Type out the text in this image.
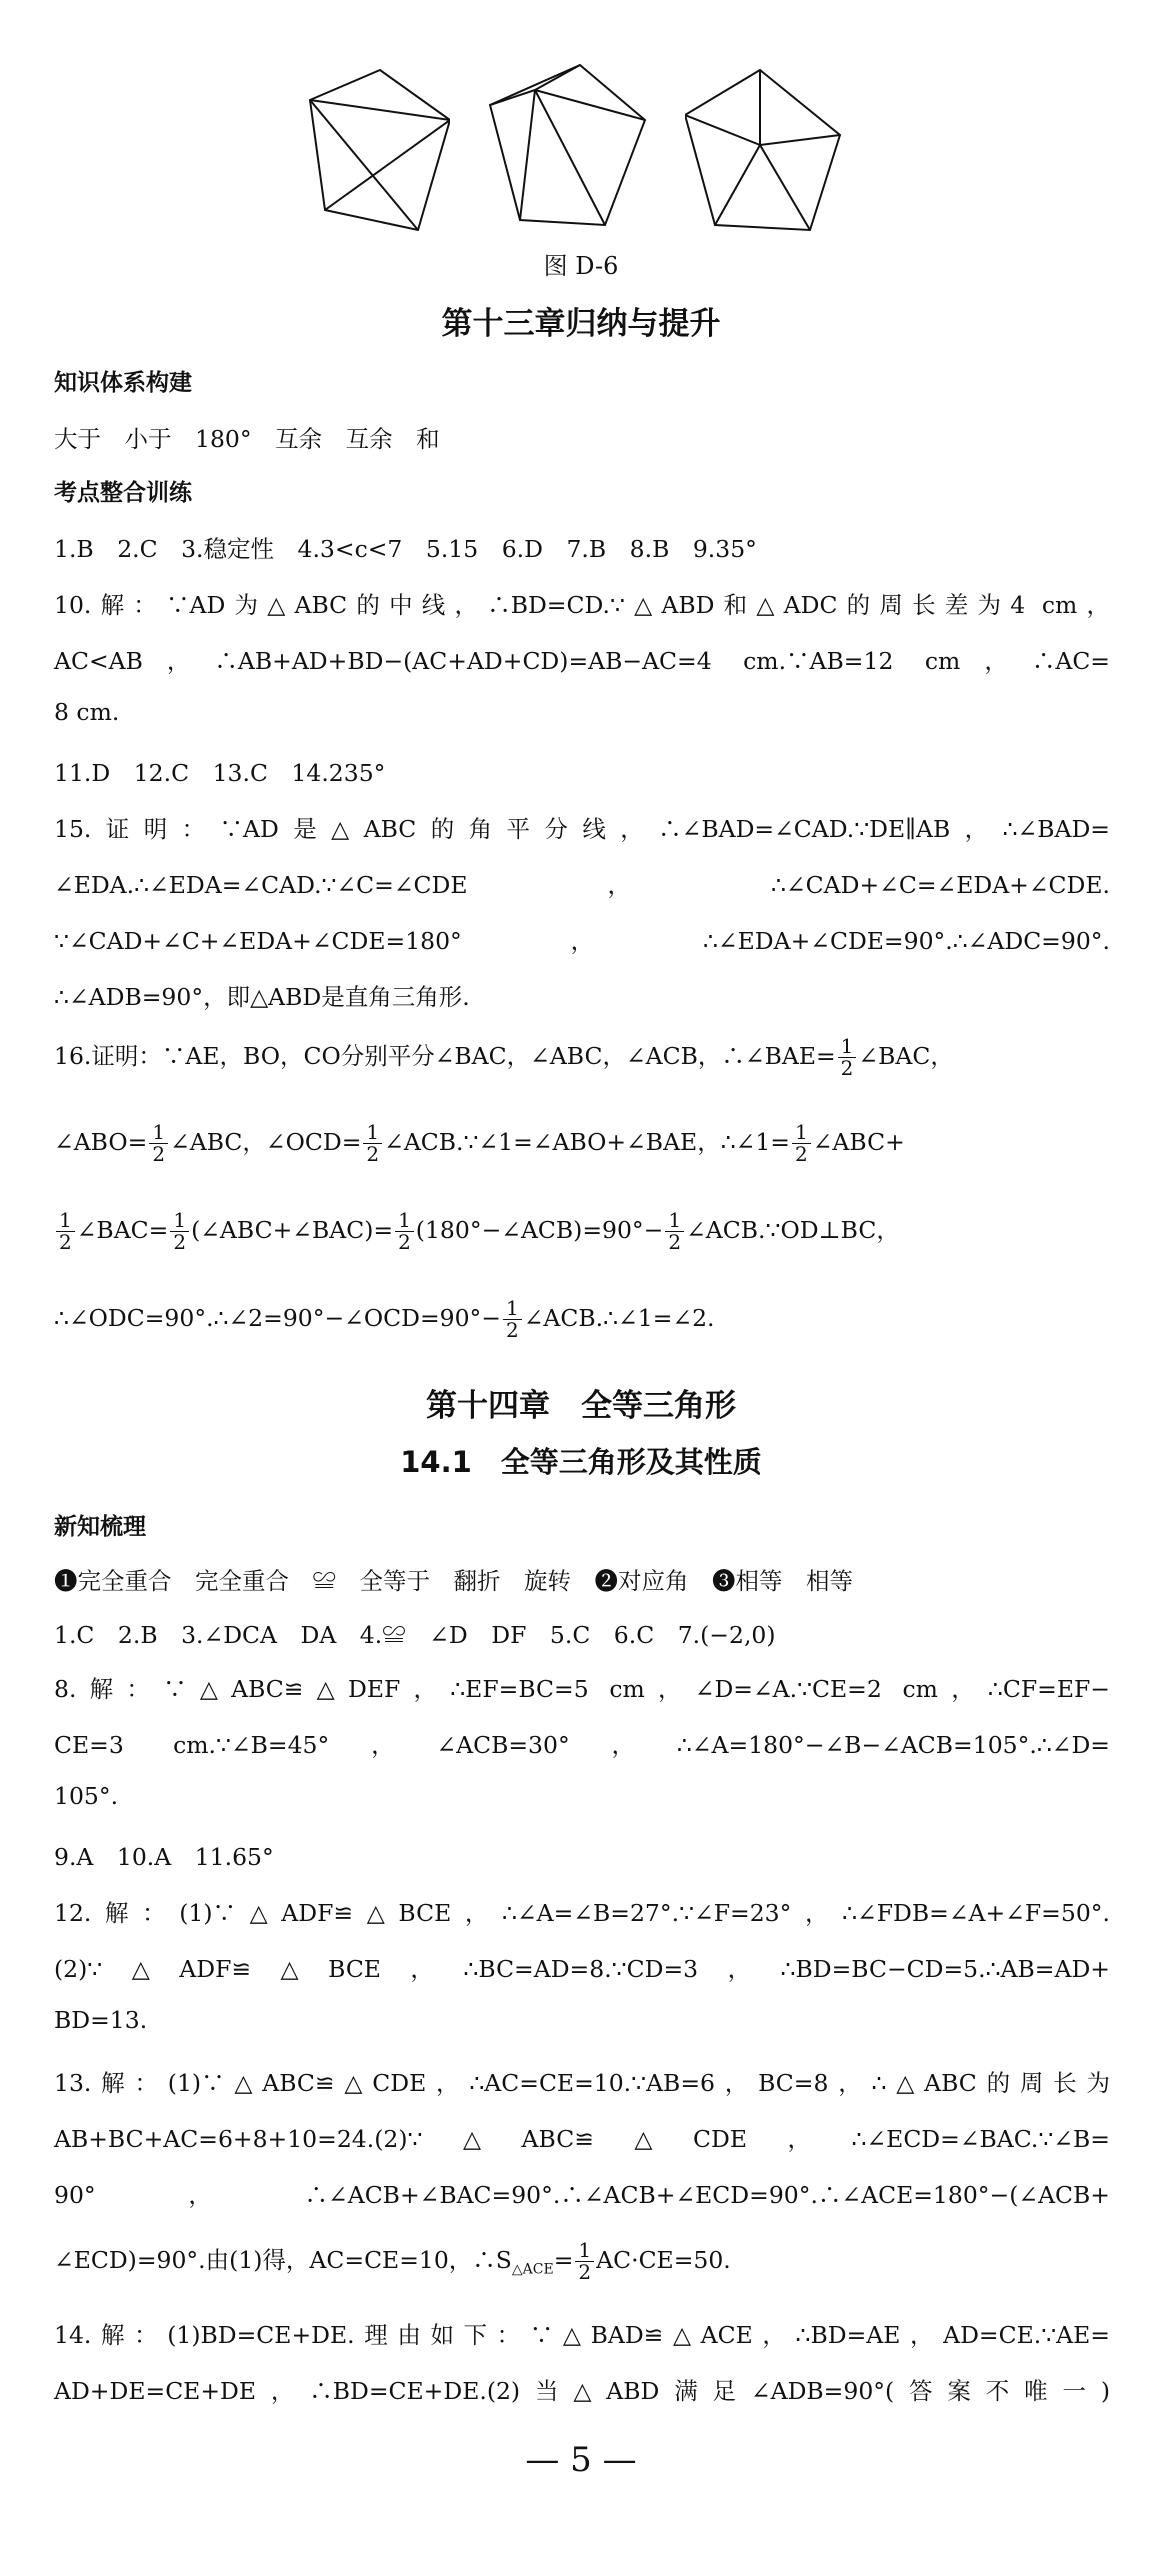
图 D-6
第十三章归纳与提升
知识体系构建
大于　小于　180°　互余　互余　和
考点整合训练
1.B　2.C　3.稳定性　4.3<c<7　5.15　6.D　7.B　8.B　9.35°
10.解：∵AD为△ABC的中线，∴BD=CD.∵△ABD和△ADC的周长差为4 cm，
AC<AB，∴AB+AD+BD−(AC+AD+CD)=AB−AC=4 cm.∵AB=12 cm，∴AC=
8 cm.
11.D　12.C　13.C　14.235°
15.证明：∵AD是△ABC的角平分线，∴∠BAD=∠CAD.∵DE∥AB，∴∠BAD=
∠EDA.∴∠EDA=∠CAD.∵∠C=∠CDE，∴∠CAD+∠C=∠EDA+∠CDE.
∵∠CAD+∠C+∠EDA+∠CDE=180°，∴∠EDA+∠CDE=90°.∴∠ADC=90°.
∴∠ADB=90°，即△ABD是直角三角形.
16.证明：∵AE，BO，CO分别平分∠BAC，∠ABC，∠ACB，∴∠BAE= $\frac{1}{2}$ ∠BAC，
∠ABO= $\frac{1}{2}$ ∠ABC，∠OCD= $\frac{1}{2}$ ∠ACB.∵∠1=∠ABO+∠BAE，∴∠1= $\frac{1}{2}$ ∠ABC+
$\frac{1}{2}$ ∠BAC= $\frac{1}{2}$ (∠ABC+∠BAC)= $\frac{1}{2}$ (180°−∠ACB)=90°− $\frac{1}{2}$ ∠ACB.∵OD⊥BC，
∴∠ODC=90°.∴∠2=90°−∠OCD=90°− $\frac{1}{2}$ ∠ACB.∴∠1=∠2.
第十四章　全等三角形
14.1　全等三角形及其性质
新知梳理
❶完全重合　完全重合　≌　全等于　翻折　旋转　❷对应角　❸相等　相等
1.C　2.B　3.∠DCA　DA　4.≌　∠D　DF　5.C　6.C　7.(−2,0)
8.解：∵△ABC≌△DEF，∴EF=BC=5 cm，∠D=∠A.∵CE=2 cm，∴CF=EF−
CE=3 cm.∵∠B=45°，∠ACB=30°，∴∠A=180°−∠B−∠ACB=105°.∴∠D=
105°.
9.A　10.A　11.65°
12.解：(1)∵△ADF≌△BCE，∴∠A=∠B=27°.∵∠F=23°，∴∠FDB=∠A+∠F=50°.
(2)∵△ADF≌△BCE，∴BC=AD=8.∵CD=3，∴BD=BC−CD=5.∴AB=AD+
BD=13.
13.解：(1)∵△ABC≌△CDE，∴AC=CE=10.∵AB=6，BC=8，∴△ABC的周长为
AB+BC+AC=6+8+10=24.(2)∵△ABC≌△CDE，∴∠ECD=∠BAC.∵∠B=
90°，∴∠ACB+∠BAC=90°.∴∠ACB+∠ECD=90°.∴∠ACE=180°−(∠ACB+
∠ECD)=90°.由(1)得，AC=CE=10，$\therefore S_{\triangle ACE}= \frac{1}{2} AC\cdot CE=50$.
14.解：(1)BD=CE+DE.理由如下：∵△BAD≌△ACE，∴BD=AE，AD=CE.∵AE=
AD+DE=CE+DE，∴BD=CE+DE.(2)当△ABD满足∠ADB=90°(答案不唯一)
— 5 —
